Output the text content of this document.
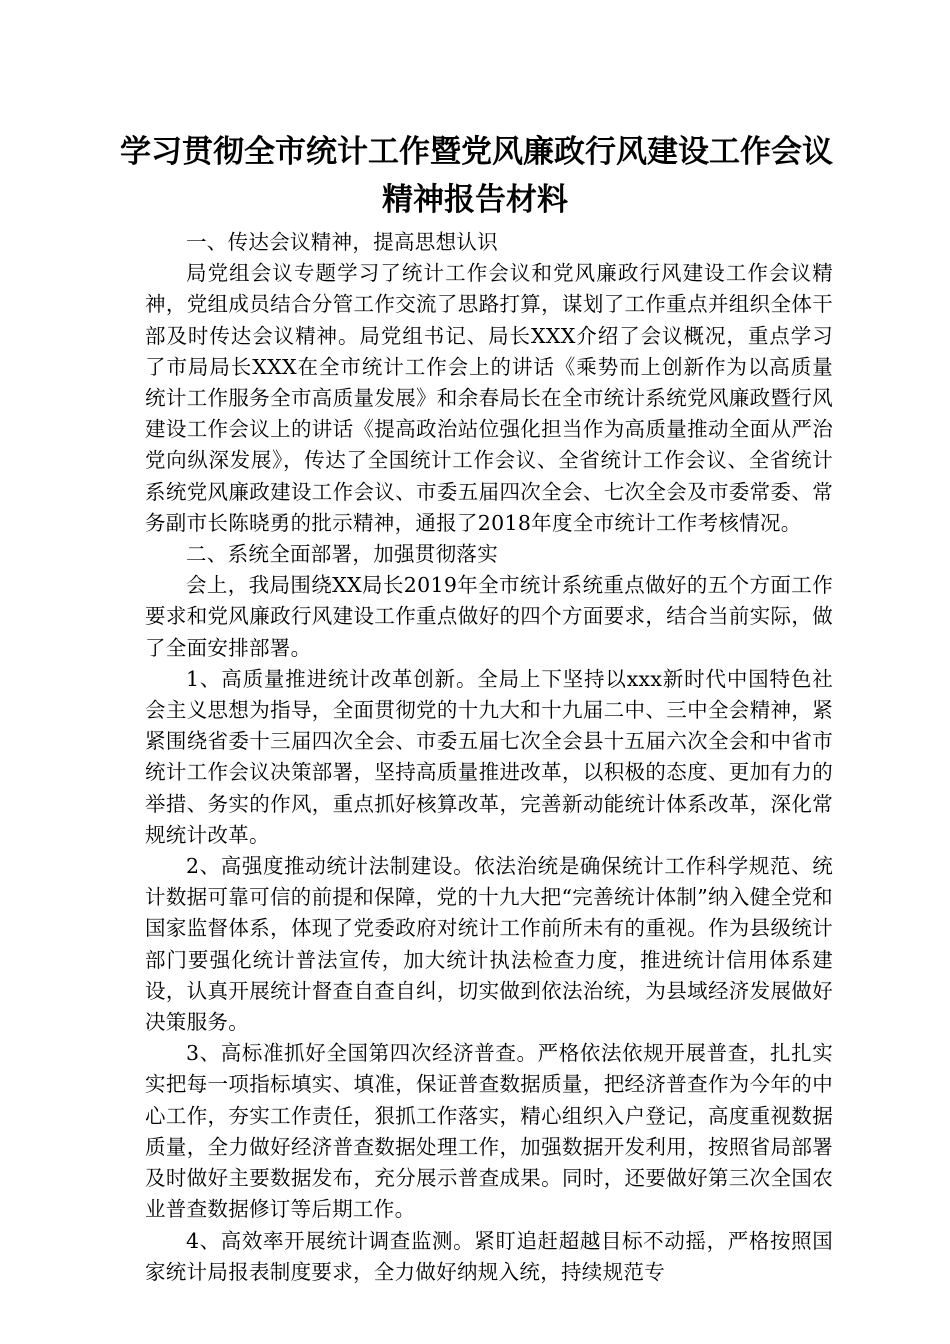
学习贯彻全市统计工作暨党风廉政行风建设工作会议
精神报告材料

一、传达会议精神，提高思想认识

局党组会议专题学习了统计工作会议和党风廉政行风建设工作会议精神，党组成员结合分管工作交流了思路打算，谋划了工作重点并组织全体干部及时传达会议精神。局党组书记、局长XXX介绍了会议概况，重点学习了市局局长XXX在全市统计工作会上的讲话《乘势而上创新作为以高质量统计工作服务全市高质量发展》和余春局长在全市统计系统党风廉政暨行风建设工作会议上的讲话《提高政治站位强化担当作为高质量推动全面从严治党向纵深发展》，传达了全国统计工作会议、全省统计工作会议、全省统计系统党风廉政建设工作会议、市委五届四次全会、七次全会及市委常委、常务副市长陈晓勇的批示精神，通报了2018年度全市统计工作考核情况。

二、系统全面部署，加强贯彻落实

会上，我局围绕XX局长2019年全市统计系统重点做好的五个方面工作要求和党风廉政行风建设工作重点做好的四个方面要求，结合当前实际，做了全面安排部署。

1、高质量推进统计改革创新。全局上下坚持以xxx新时代中国特色社会主义思想为指导，全面贯彻党的十九大和十九届二中、三中全会精神，紧紧围绕省委十三届四次全会、市委五届七次全会县十五届六次全会和中省市统计工作会议决策部署，坚持高质量推进改革，以积极的态度、更加有力的举措、务实的作风，重点抓好核算改革，完善新动能统计体系改革，深化常规统计改革。

2、高强度推动统计法制建设。依法治统是确保统计工作科学规范、统计数据可靠可信的前提和保障，党的十九大把“完善统计体制”纳入健全党和国家监督体系，体现了党委政府对统计工作前所未有的重视。作为县级统计部门要强化统计普法宣传，加大统计执法检查力度，推进统计信用体系建设，认真开展统计督查自查自纠，切实做到依法治统，为县域经济发展做好决策服务。

3、高标准抓好全国第四次经济普查。严格依法依规开展普查，扎扎实实把每一项指标填实、填准，保证普查数据质量，把经济普查作为今年的中心工作，夯实工作责任，狠抓工作落实，精心组织入户登记，高度重视数据质量，全力做好经济普查数据处理工作，加强数据开发利用，按照省局部署及时做好主要数据发布，充分展示普查成果。同时，还要做好第三次全国农业普查数据修订等后期工作。

4、高效率开展统计调查监测。紧盯追赶超越目标不动摇，严格按照国家统计局报表制度要求，全力做好纳规入统，持续规范专
